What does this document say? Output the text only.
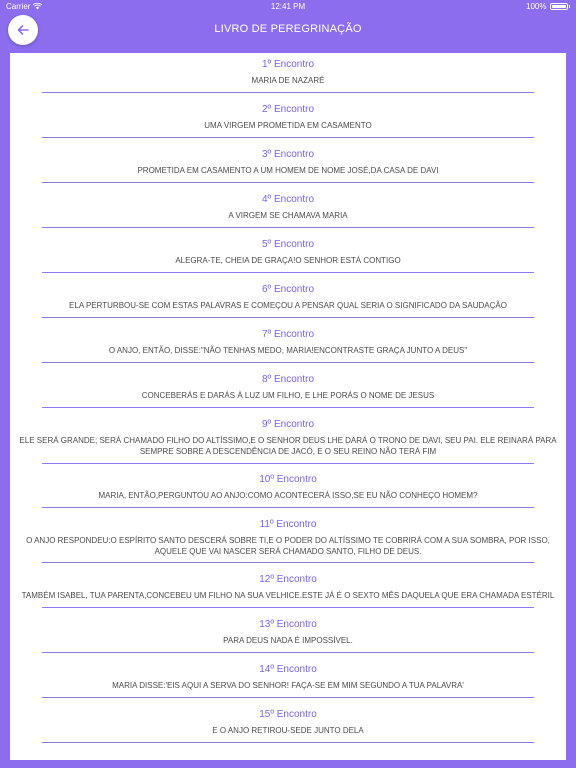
Carrier	12:41 PM	100%
LIVRO DE PEREGRINAÇÃO
1º Encontro
MARIA DE NAZARÉ
2º Encontro
UMA VIRGEM PROMETIDA EM CASAMENTO
3º Encontro
PROMETIDA EM CASAMENTO A UM HOMEM DE NOME JOSÉ,DA CASA DE DAVI
4º Encontro
A VIRGEM SE CHAMAVA MARIA
5º Encontro
ALEGRA-TE, CHEIA DE GRAÇA!O SENHOR ESTÁ CONTIGO
6º Encontro
ELA PERTURBOU-SE COM ESTAS PALAVRAS E COMEÇOU A PENSAR QUAL SERIA O SIGNIFICADO DA SAUDAÇÃO
7º Encontro
O ANJO, ENTÃO, DISSE:"NÃO TENHAS MEDO, MARIA!ENCONTRASTE GRAÇA JUNTO A DEUS"
8º Encontro
CONCEBERÁS E DARÁS À LUZ UM FILHO, E LHE PORÁS O NOME DE JESUS
9º Encontro
ELE SERÁ GRANDE; SERÁ CHAMADO FILHO DO ALTÍSSIMO,E O SENHOR DEUS LHE DARÁ O TRONO DE DAVI, SEU PAI. ELE REINARÁ PARA SEMPRE SOBRE A DESCENDÊNCIA DE JACÓ, E O SEU REINO NÃO TERÁ FIM
10º Encontro
MARIA, ENTÃO,PERGUNTOU AO ANJO:COMO ACONTECERÁ ISSO,SE EU NÃO CONHEÇO HOMEM?
11º Encontro
O ANJO RESPONDEU:O ESPÍRITO SANTO DESCERÁ SOBRE TI,E O PODER DO ALTÍSSIMO TE COBRIRÁ COM A SUA SOMBRA, POR ISSO, AQUELE QUE VAI NASCER SERÁ CHAMADO SANTO, FILHO DE DEUS.
12º Encontro
TAMBÉM ISABEL, TUA PARENTA,CONCEBEU UM FILHO NA SUA VELHICE.ESTE JÁ É O SEXTO MÊS DAQUELA QUE ERA CHAMADA ESTÉRIL
13º Encontro
PARA DEUS NADA É IMPOSSÍVEL.
14º Encontro
MARIA DISSE:'EIS AQUI A SERVA DO SENHOR! FAÇA-SE EM MIM SEGUNDO A TUA PALAVRA'
15º Encontro
E O ANJO RETIROU-SEDE JUNTO DELA
